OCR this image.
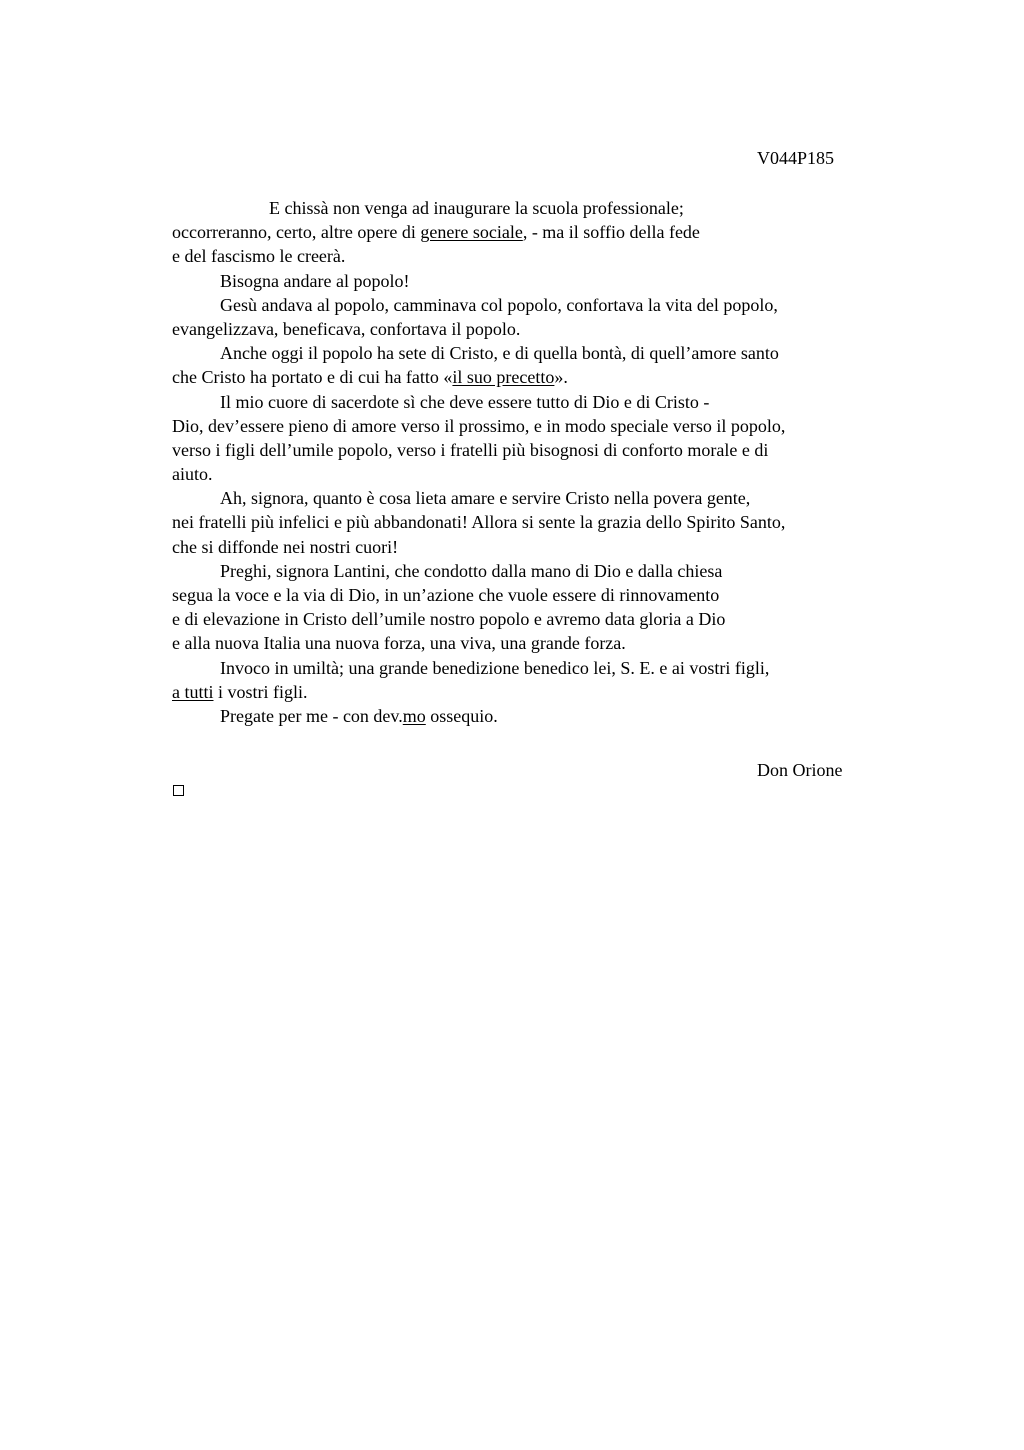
V044P185
E chissà non venga ad inaugurare la scuola professionale;
occorreranno, certo, altre opere di genere sociale, - ma il soffio della fede
e del fascismo le creerà.
Bisogna andare al popolo!
Gesù andava al popolo, camminava col popolo, confortava la vita del popolo,
evangelizzava, beneficava, confortava il popolo.
Anche oggi il popolo ha sete di Cristo, e di quella bontà, di quell’amore santo
che Cristo ha portato e di cui ha fatto «il suo precetto».
Il mio cuore di sacerdote sì che deve essere tutto di Dio e di Cristo -
Dio, dev’essere pieno di amore verso il prossimo, e in modo speciale verso il popolo,
verso i figli dell’umile popolo, verso i fratelli più bisognosi di conforto morale e di
aiuto.
Ah, signora, quanto è cosa lieta amare e servire Cristo nella povera gente,
nei fratelli più infelici e più abbandonati! Allora si sente la grazia dello Spirito Santo,
che si diffonde nei nostri cuori!
Preghi, signora Lantini, che condotto dalla mano di Dio e dalla chiesa
segua la voce e la via di Dio, in un’azione che vuole essere di rinnovamento
e di elevazione in Cristo dell’umile nostro popolo e avremo data gloria a Dio
e alla nuova Italia una nuova forza, una viva, una grande forza.
Invoco in umiltà; una grande benedizione benedico lei, S. E. e ai vostri figli,
a tutti i vostri figli.
Pregate per me - con dev.mo ossequio.
Don Orione
